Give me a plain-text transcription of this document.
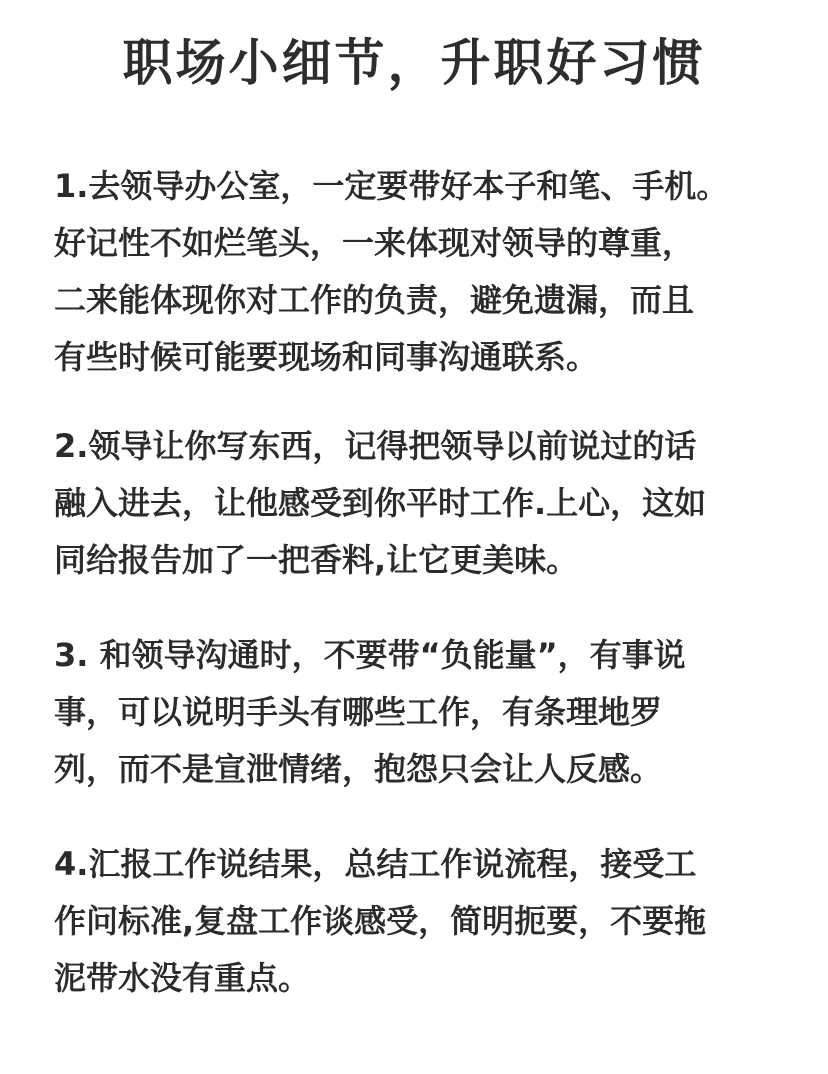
职场小细节，升职好习惯
1.去领导办公室，一定要带好本子和笔、手机。
好记性不如烂笔头，一来体现对领导的尊重，
二来能体现你对工作的负责，避免遗漏，而且
有些时候可能要现场和同事沟通联系。
2.领导让你写东西，记得把领导以前说过的话
融入进去，让他感受到你平时工作.上心，这如
同给报告加了一把香料,让它更美味。
3. 和领导沟通时，不要带“负能量”，有事说
事，可以说明手头有哪些工作，有条理地罗
列，而不是宣泄情绪，抱怨只会让人反感。
4.汇报工作说结果，总结工作说流程，接受工
作问标准,复盘工作谈感受，简明扼要，不要拖
泥带水没有重点。
